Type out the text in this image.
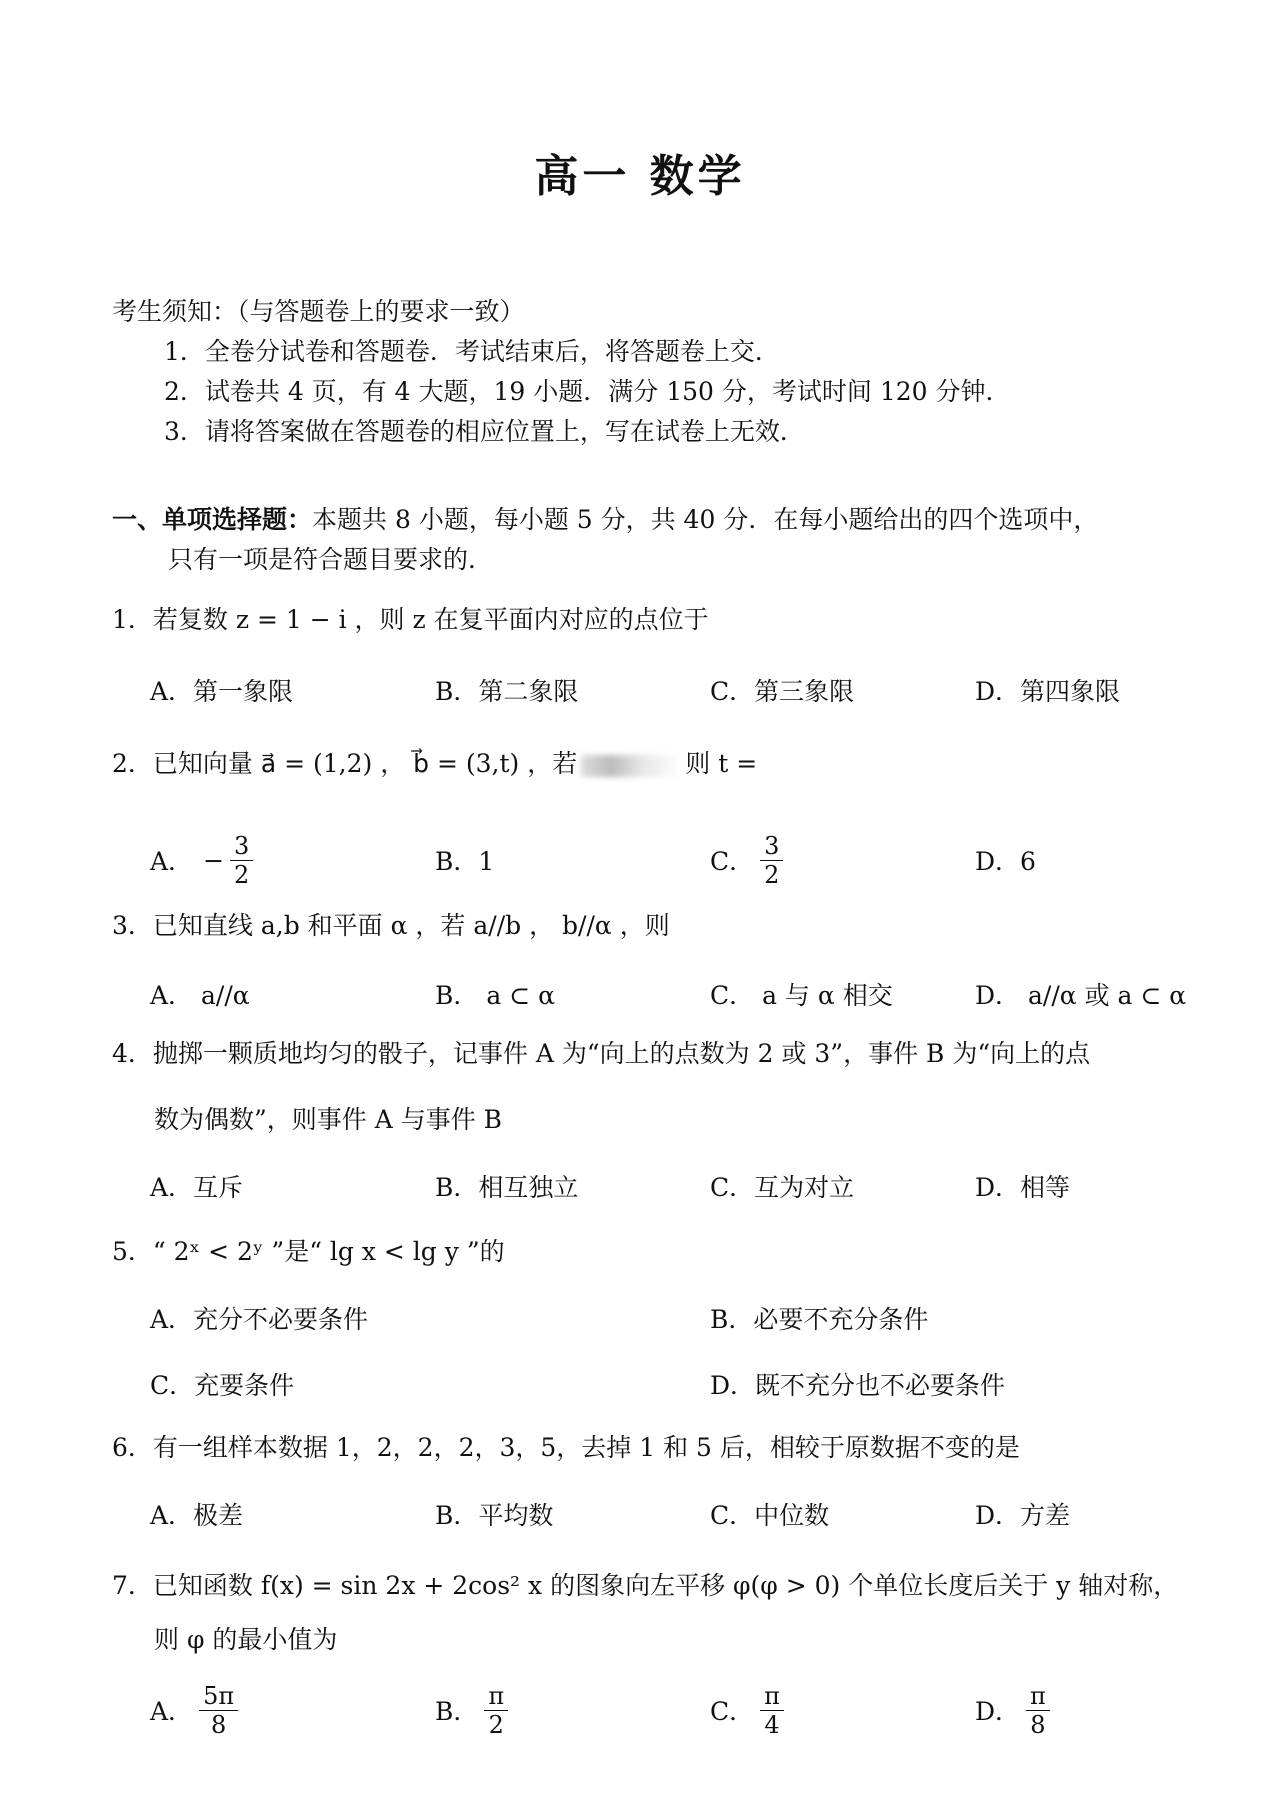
高一 数学
考生须知：（与答题卷上的要求一致）
1．全卷分试卷和答题卷．考试结束后，将答题卷上交．
2．试卷共 4 页，有 4 大题，19 小题．满分 150 分，考试时间 120 分钟．
3．请将答案做在答题卷的相应位置上，写在试卷上无效．
一、单项选择题：本题共 8 小题，每小题 5 分，共 40 分．在每小题给出的四个选项中，
只有一项是符合题目要求的．
1．若复数 z = 1 − i ，则 z 在复平面内对应的点位于
A．第一象限	B．第二象限	C．第三象限	D．第四象限
2．已知向量 a⃗ = (1,2) ， b⃗ = (3,t) ，若	则 t =
A． − $\frac{3}{2}$	B．1	C． $\frac{3}{2}$	D．6
3．已知直线 a,b 和平面 α ，若 a//b ， b//α ，则
A． a//α	B． a ⊂ α	C． a 与 α 相交	D． a//α 或 a ⊂ α
4．抛掷一颗质地均匀的骰子，记事件 A 为“向上的点数为 2 或 3”，事件 B 为“向上的点
数为偶数”，则事件 A 与事件 B
A．互斥	B．相互独立	C．互为对立	D．相等
5．“ 2ˣ < 2ʸ ”是“ lg x < lg y ”的
A．充分不必要条件	B．必要不充分条件
C．充要条件	D．既不充分也不必要条件
6．有一组样本数据 1，2，2，2，3，5，去掉 1 和 5 后，相较于原数据不变的是
A．极差	B．平均数	C．中位数	D．方差
7．已知函数 f(x) = sin 2x + 2cos² x 的图象向左平移 φ(φ > 0) 个单位长度后关于 y 轴对称，
则 φ 的最小值为
A． $\frac{5\pi}{8}$	B． $\frac{\pi}{2}$	C． $\frac{\pi}{4}$	D． $\frac{\pi}{8}$
